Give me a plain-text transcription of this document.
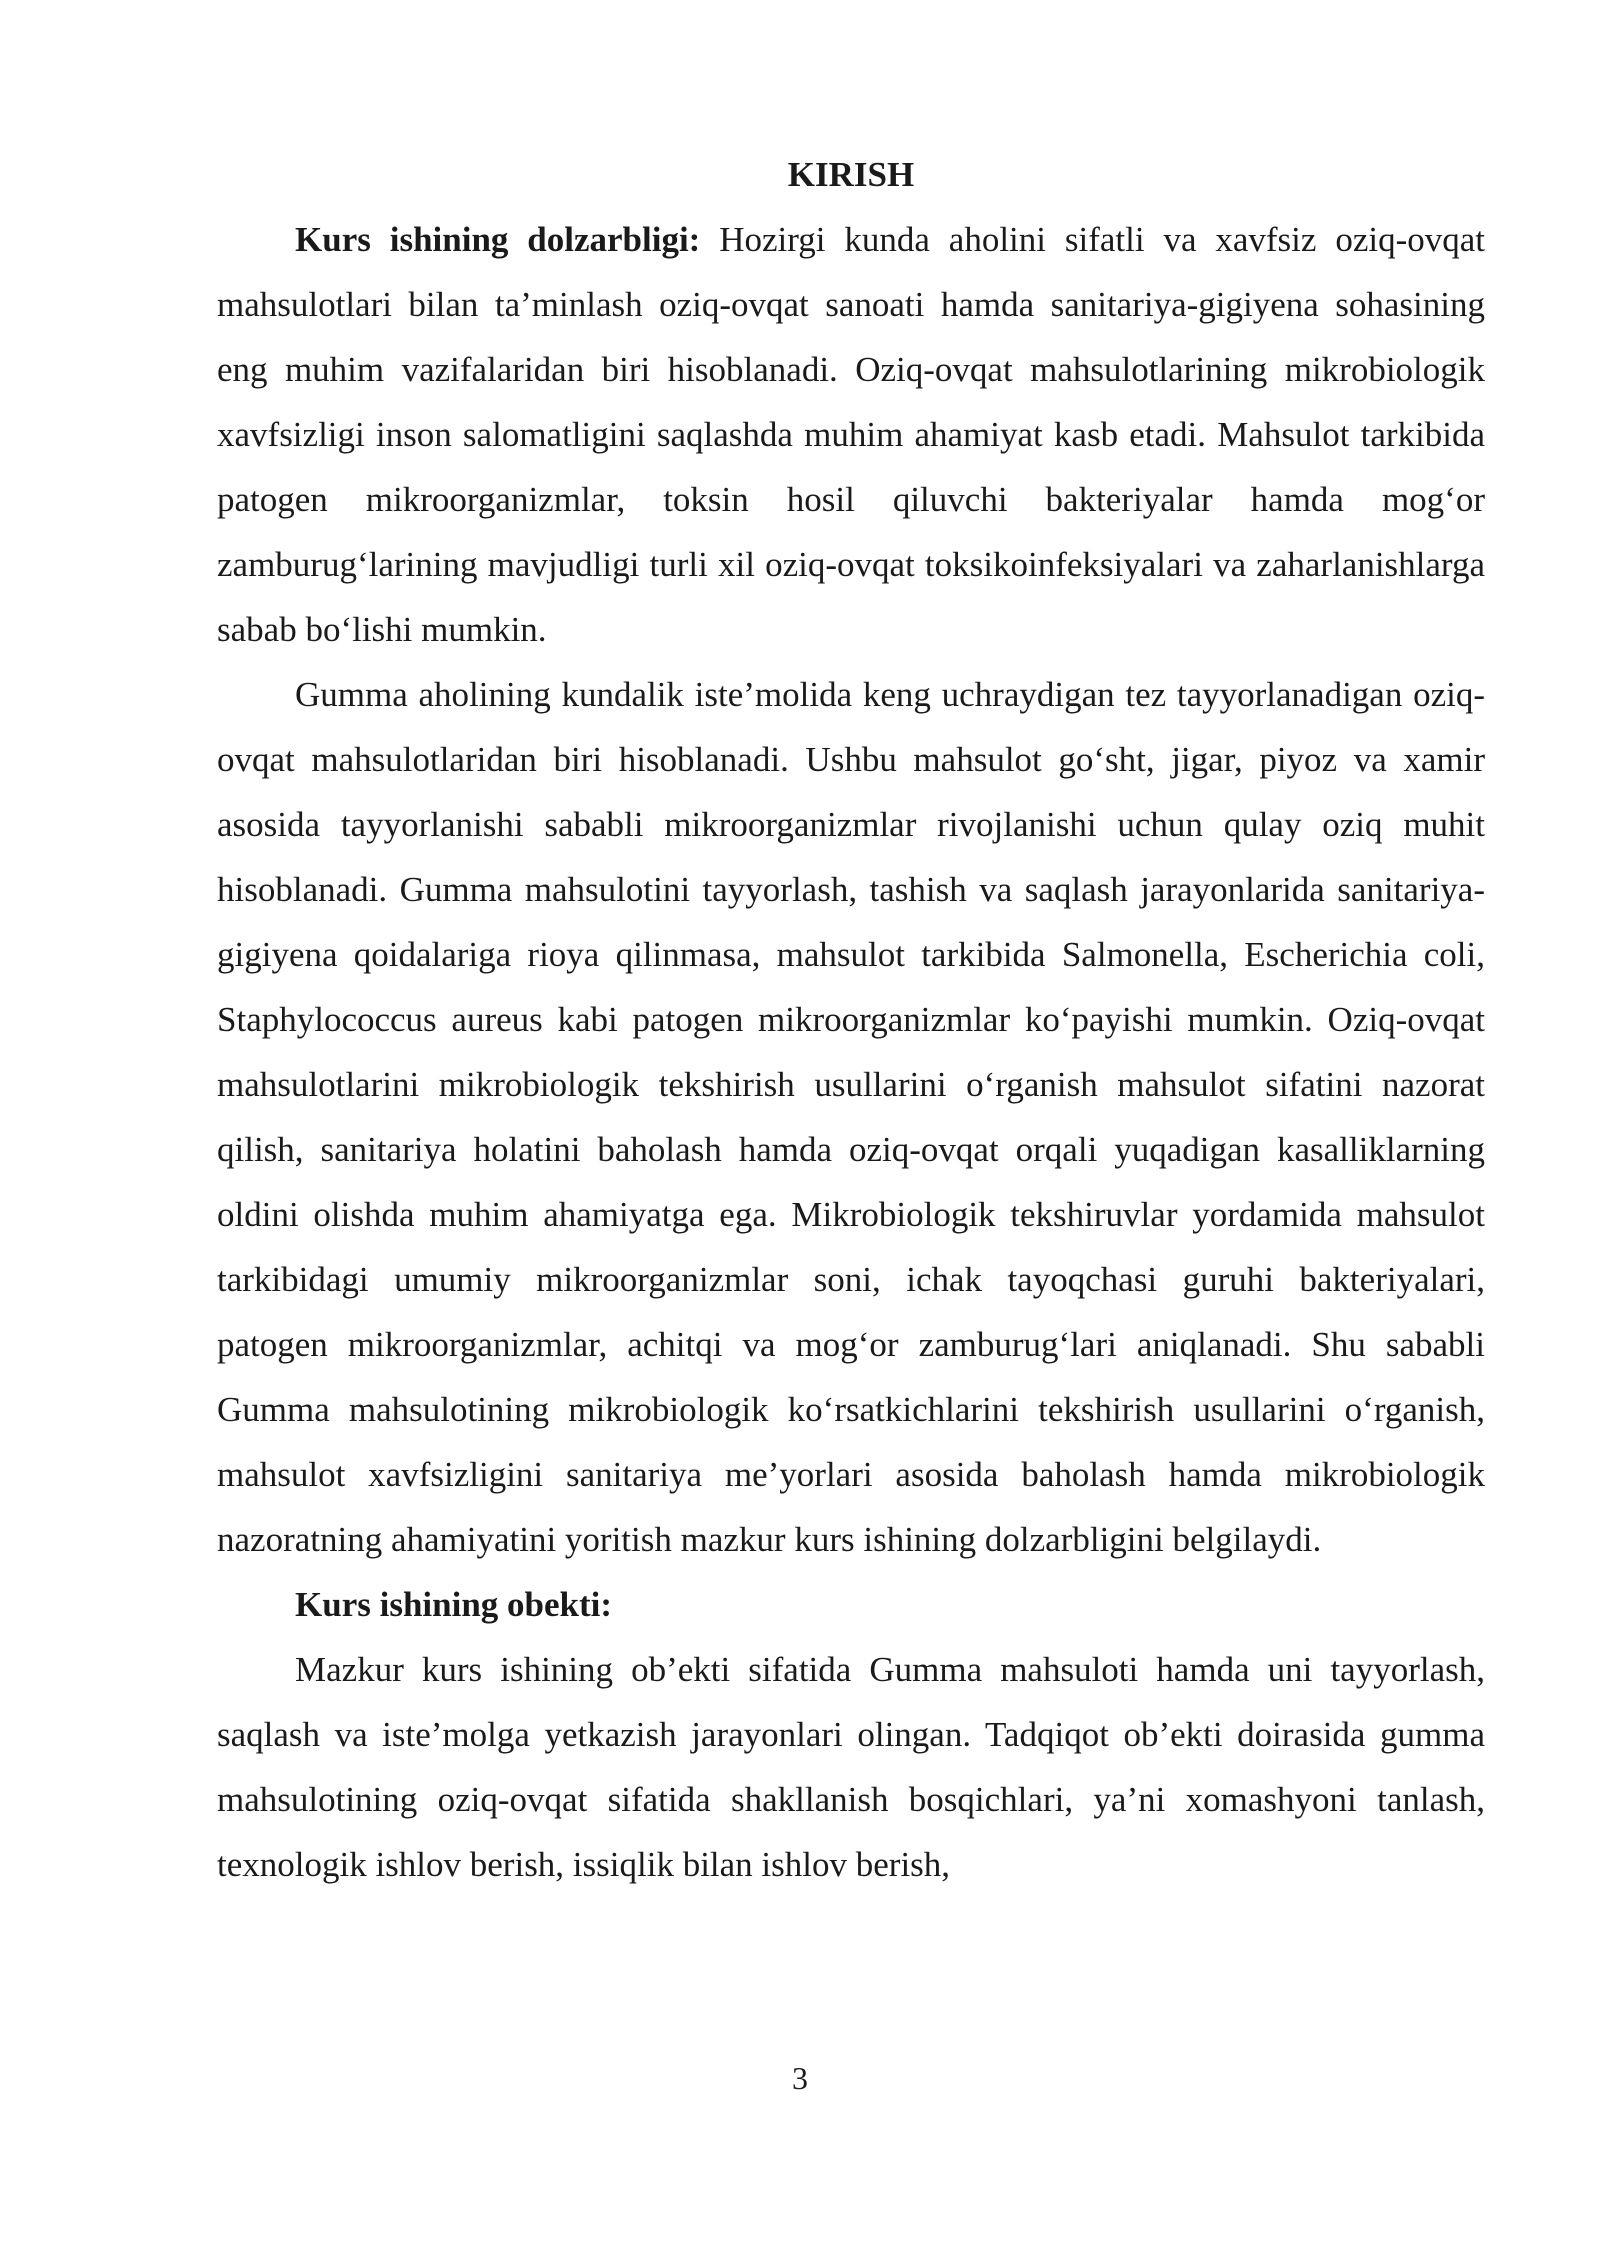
KIRISH

Kurs ishining dolzarbligi: Hozirgi kunda aholini sifatli va xavfsiz oziq-ovqat mahsulotlari bilan ta’minlash oziq-ovqat sanoati hamda sanitariya-gigiyena sohasining eng muhim vazifalaridan biri hisoblanadi. Oziq-ovqat mahsulotlarining mikrobiologik xavfsizligi inson salomatligini saqlashda muhim ahamiyat kasb etadi. Mahsulot tarkibida patogen mikroorganizmlar, toksin hosil qiluvchi bakteriyalar hamda mog‘or zamburug‘larining mavjudligi turli xil oziq-ovqat toksikoinfeksiyalari va zaharlanishlarga sabab bo‘lishi mumkin.

Gumma aholining kundalik iste’molida keng uchraydigan tez tayyorlanadigan oziq-ovqat mahsulotlaridan biri hisoblanadi. Ushbu mahsulot go‘sht, jigar, piyoz va xamir asosida tayyorlanishi sababli mikroorganizmlar rivojlanishi uchun qulay oziq muhit hisoblanadi. Gumma mahsulotini tayyorlash, tashish va saqlash jarayonlarida sanitariya-gigiyena qoidalariga rioya qilinmasa, mahsulot tarkibida Salmonella, Escherichia coli, Staphylococcus aureus kabi patogen mikroorganizmlar ko‘payishi mumkin. Oziq-ovqat mahsulotlarini mikrobiologik tekshirish usullarini o‘rganish mahsulot sifatini nazorat qilish, sanitariya holatini baholash hamda oziq-ovqat orqali yuqadigan kasalliklarning oldini olishda muhim ahamiyatga ega. Mikrobiologik tekshiruvlar yordamida mahsulot tarkibidagi umumiy mikroorganizmlar soni, ichak tayoqchasi guruhi bakteriyalari, patogen mikroorganizmlar, achitqi va mog‘or zamburug‘lari aniqlanadi. Shu sababli Gumma mahsulotining mikrobiologik ko‘rsatkichlarini tekshirish usullarini o‘rganish, mahsulot xavfsizligini sanitariya me’yorlari asosida baholash hamda mikrobiologik nazoratning ahamiyatini yoritish mazkur kurs ishining dolzarbligini belgilaydi.

Kurs ishining obekti:

Mazkur kurs ishining ob’ekti sifatida Gumma mahsuloti hamda uni tayyorlash, saqlash va iste’molga yetkazish jarayonlari olingan. Tadqiqot ob’ekti doirasida gumma mahsulotining oziq-ovqat sifatida shakllanish bosqichlari, ya’ni xomashyoni tanlash, texnologik ishlov berish, issiqlik bilan ishlov berish,

3
